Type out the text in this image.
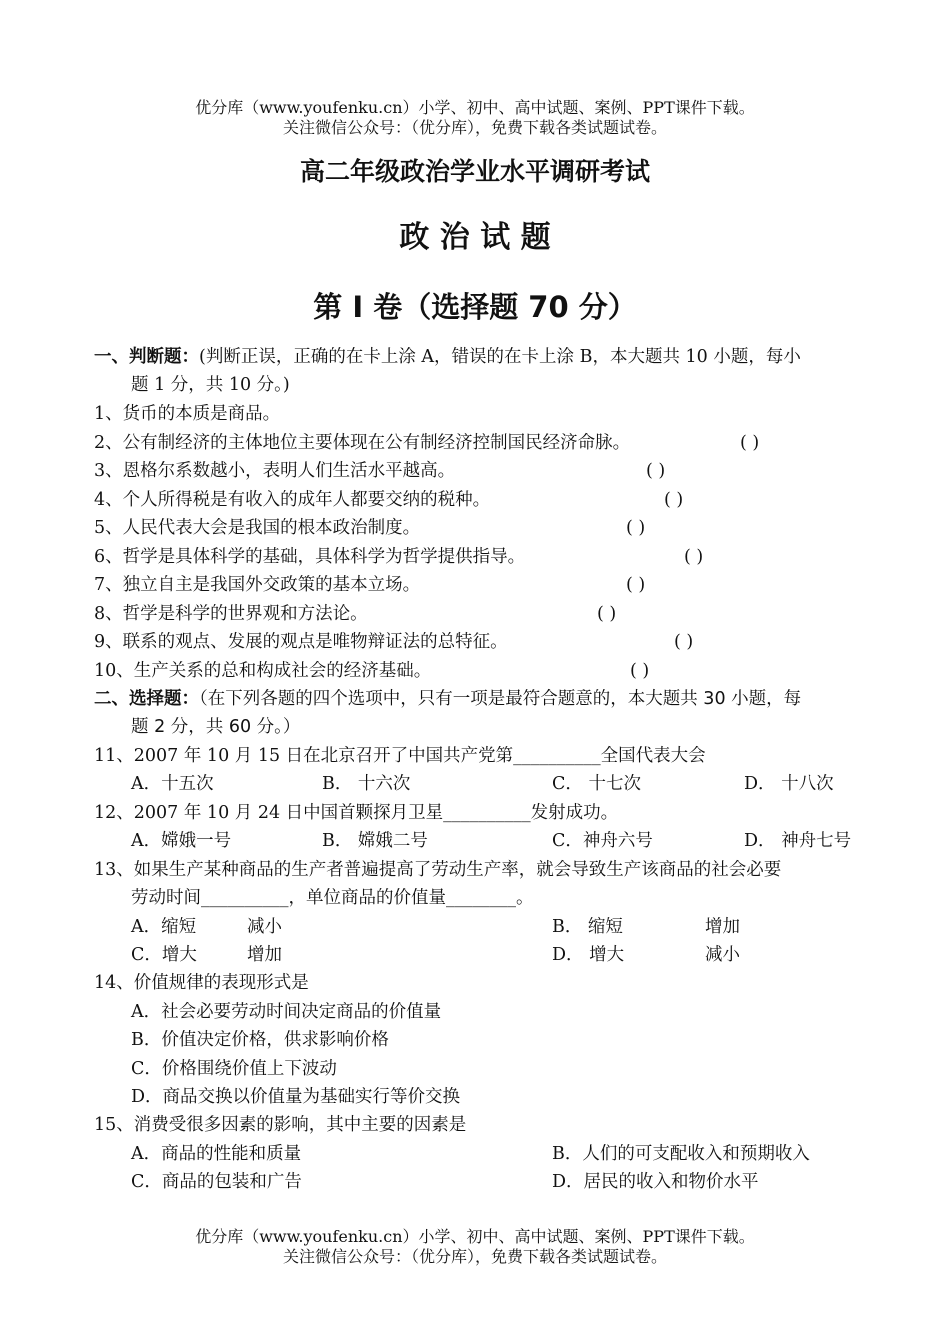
优分库（www.youfenku.cn）小学、初中、高中试题、案例、PPT课件下载。
关注微信公众号：（优分库），免费下载各类试题试卷。
高二年级政治学业水平调研考试
政 治 试 题
第 I 卷（选择题 70 分）
一、判断题：(判断正误，正确的在卡上涂 A，错误的在卡上涂 B，本大题共 10 小题，每小
题 1 分，共 10 分。)
1、货币的本质是商品。
2、公有制经济的主体地位主要体现在公有制经济控制国民经济命脉。	( )
3、恩格尔系数越小，表明人们生活水平越高。	( )
4、个人所得税是有收入的成年人都要交纳的税种。	( )
5、人民代表大会是我国的根本政治制度。	( )
6、哲学是具体科学的基础，具体科学为哲学提供指导。	( )
7、独立自主是我国外交政策的基本立场。	( )
8、哲学是科学的世界观和方法论。	( )
9、联系的观点、发展的观点是唯物辩证法的总特征。	( )
10、生产关系的总和构成社会的经济基础。	( )
二、选择题：（在下列各题的四个选项中，只有一项是最符合题意的，本大题共 30 小题，每
题 2 分，共 60 分。）
11、2007 年 10 月 15 日在北京召开了中国共产党第__________全国代表大会
A．十五次	B． 十六次	C． 十七次	D． 十八次
12、2007 年 10 月 24 日中国首颗探月卫星__________发射成功。
A．嫦娥一号	B． 嫦娥二号	C．神舟六号	D． 神舟七号
13、如果生产某种商品的生产者普遍提高了劳动生产率，就会导致生产该商品的社会必要
劳动时间__________，单位商品的价值量________。
A．缩短	减小	B． 缩短	增加
C．增大	增加	D． 增大	减小
14、价值规律的表现形式是
A．社会必要劳动时间决定商品的价值量
B．价值决定价格，供求影响价格
C．价格围绕价值上下波动
D．商品交换以价值量为基础实行等价交换
15、消费受很多因素的影响，其中主要的因素是
A．商品的性能和质量	B．人们的可支配收入和预期收入
C．商品的包装和广告	D．居民的收入和物价水平
优分库（www.youfenku.cn）小学、初中、高中试题、案例、PPT课件下载。
关注微信公众号：（优分库），免费下载各类试题试卷。
